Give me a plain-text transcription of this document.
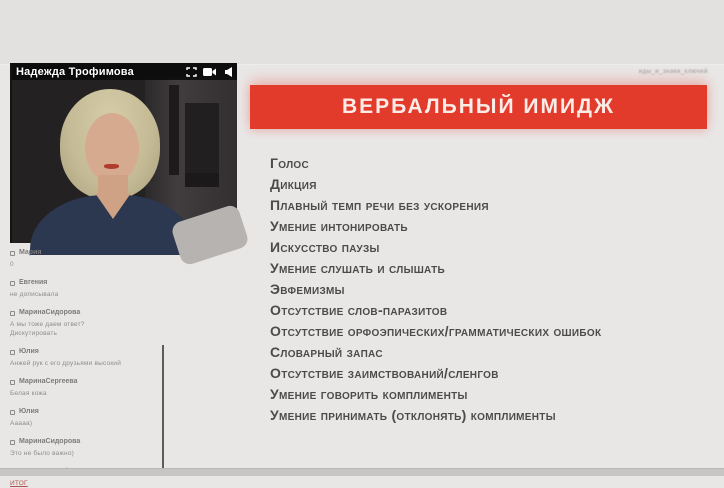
Надежда Трофимова	иды_и_знаки_ключей
ВЕРБАЛЬНЫЙ ИМИДЖ
Голос
Дикция
Плавный темп речи без ускорения
Умение интонировать
Искусство паузы
Умение слушать и слышать
Эвфемизмы
Отсутствие слов-паразитов
Отсутствие орфоэпических/грамматических ошибок
Словарный запас
Отсутствие заимствований/сленгов
Умение говорить комплименты
Умение принимать (отклонять) комплименты
Мария
0
Евгения
не дописывала
МаринаСидорова
А мы тоже даем ответ?
Дискутировать
Юлия
Анжей рук с его друзьями высокий
МаринаСергеева
Белая кожа
Юлия
Ааааа)
МаринаСидорова
Это не было важно)
ИТОГ
